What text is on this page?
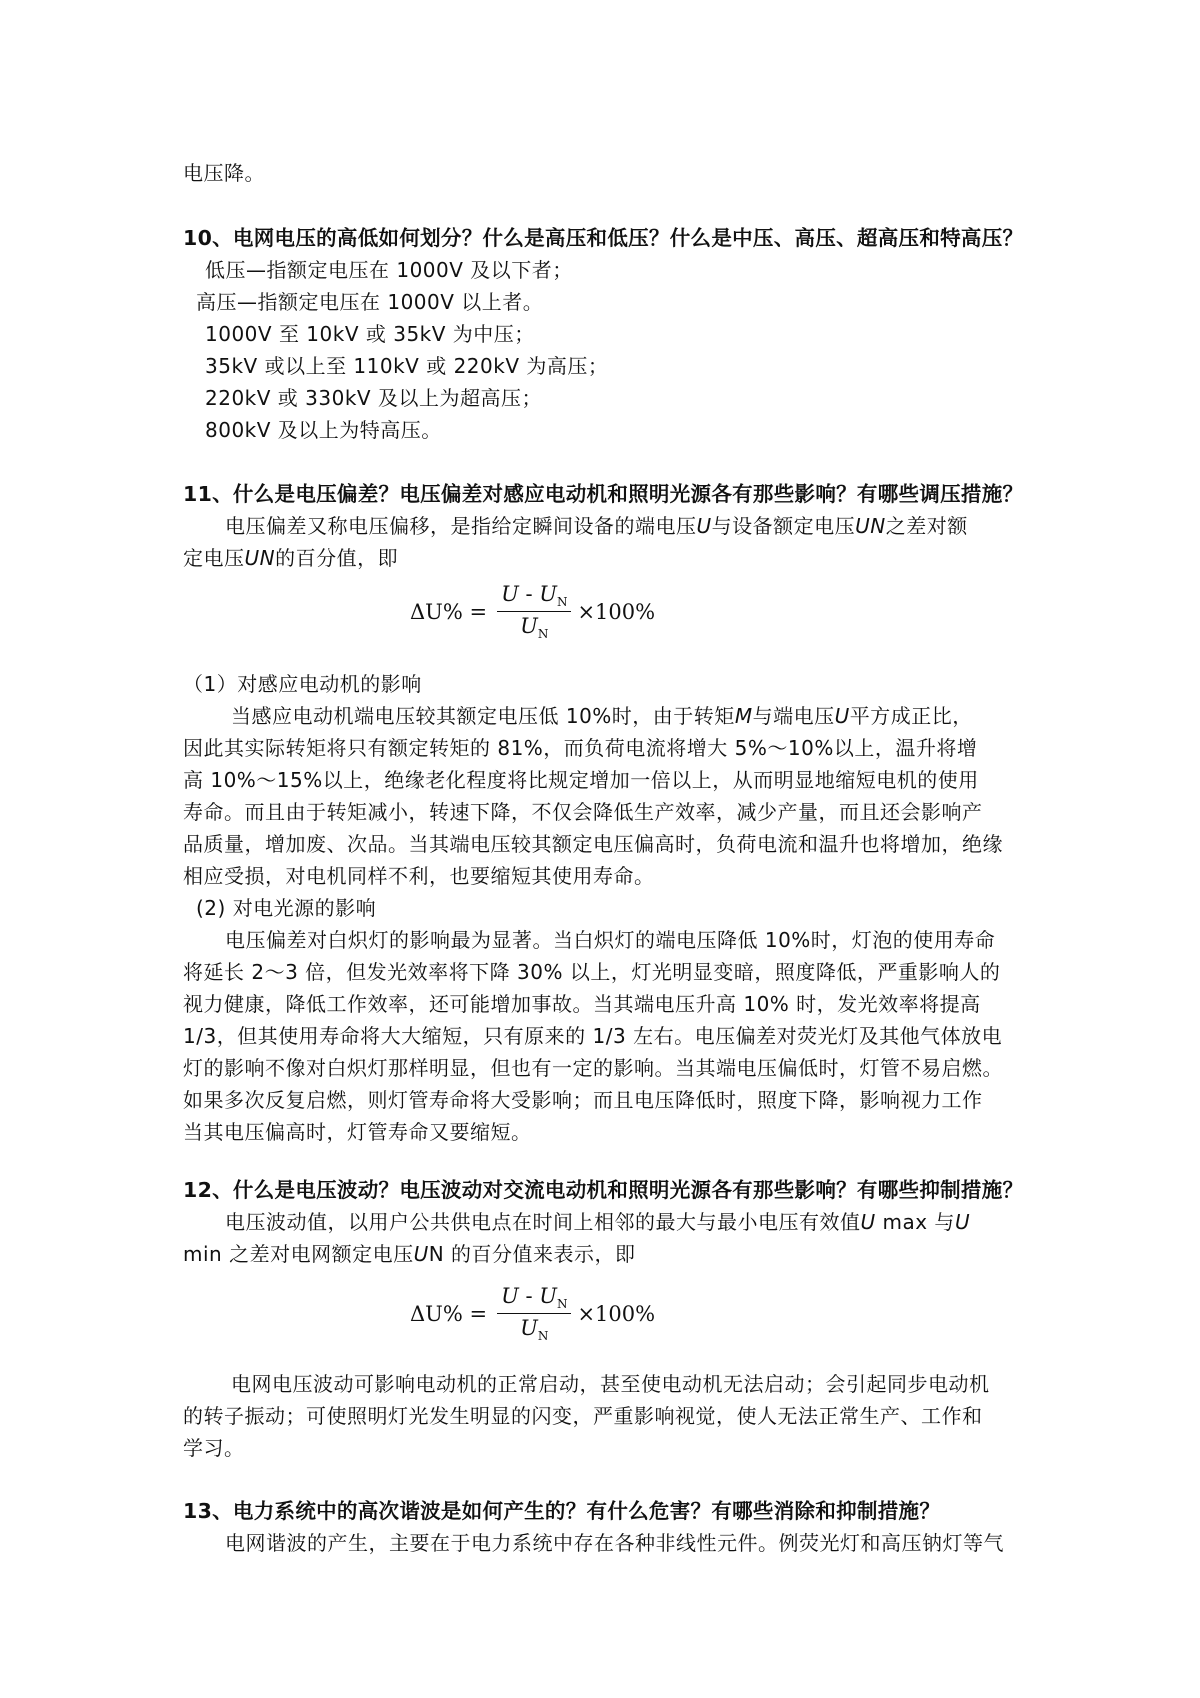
电压降。
10、电网电压的高低如何划分？什么是高压和低压？什么是中压、高压、超高压和特高压？
低压—指额定电压在 1000V 及以下者；
高压—指额定电压在 1000V 以上者。
1000V 至 10kV 或 35kV 为中压；
35kV 或以上至 110kV 或 220kV 为高压；
220kV 或 330kV 及以上为超高压；
800kV 及以上为特高压。
11、什么是电压偏差？电压偏差对感应电动机和照明光源各有那些影响？有哪些调压措施？
电压偏差又称电压偏移，是指给定瞬间设备的端电压U与设备额定电压UN之差对额
定电压UN的百分值，即
$\Delta U\% = \frac{U - U_N}{U_N} \times 100\%$
（1）对感应电动机的影响
当感应电动机端电压较其额定电压低 10%时，由于转矩M与端电压U平方成正比，
因此其实际转矩将只有额定转矩的 81%，而负荷电流将增大 5%～10%以上，温升将增
高 10%～15%以上，绝缘老化程度将比规定增加一倍以上，从而明显地缩短电机的使用
寿命。而且由于转矩减小，转速下降，不仅会降低生产效率，减少产量，而且还会影响产
品质量，增加废、次品。当其端电压较其额定电压偏高时，负荷电流和温升也将增加，绝缘
相应受损，对电机同样不利，也要缩短其使用寿命。
(2) 对电光源的影响
电压偏差对白炽灯的影响最为显著。当白炽灯的端电压降低 10%时，灯泡的使用寿命
将延长 2～3 倍，但发光效率将下降 30% 以上，灯光明显变暗，照度降低，严重影响人的
视力健康，降低工作效率，还可能增加事故。当其端电压升高 10% 时，发光效率将提高
1/3，但其使用寿命将大大缩短，只有原来的 1/3 左右。电压偏差对荧光灯及其他气体放电
灯的影响不像对白炽灯那样明显，但也有一定的影响。当其端电压偏低时，灯管不易启燃。
如果多次反复启燃，则灯管寿命将大受影响；而且电压降低时，照度下降，影响视力工作
当其电压偏高时，灯管寿命又要缩短。
12、什么是电压波动？电压波动对交流电动机和照明光源各有那些影响？有哪些抑制措施？
电压波动值，以用户公共供电点在时间上相邻的最大与最小电压有效值U max 与U
min 之差对电网额定电压UN 的百分值来表示，即
$\Delta U\% = \frac{U - U_N}{U_N} \times 100\%$
电网电压波动可影响电动机的正常启动，甚至使电动机无法启动；会引起同步电动机
的转子振动；可使照明灯光发生明显的闪变，严重影响视觉，使人无法正常生产、工作和
学习。
13、电力系统中的高次谐波是如何产生的？有什么危害？有哪些消除和抑制措施？
电网谐波的产生，主要在于电力系统中存在各种非线性元件。例荧光灯和高压钠灯等气
